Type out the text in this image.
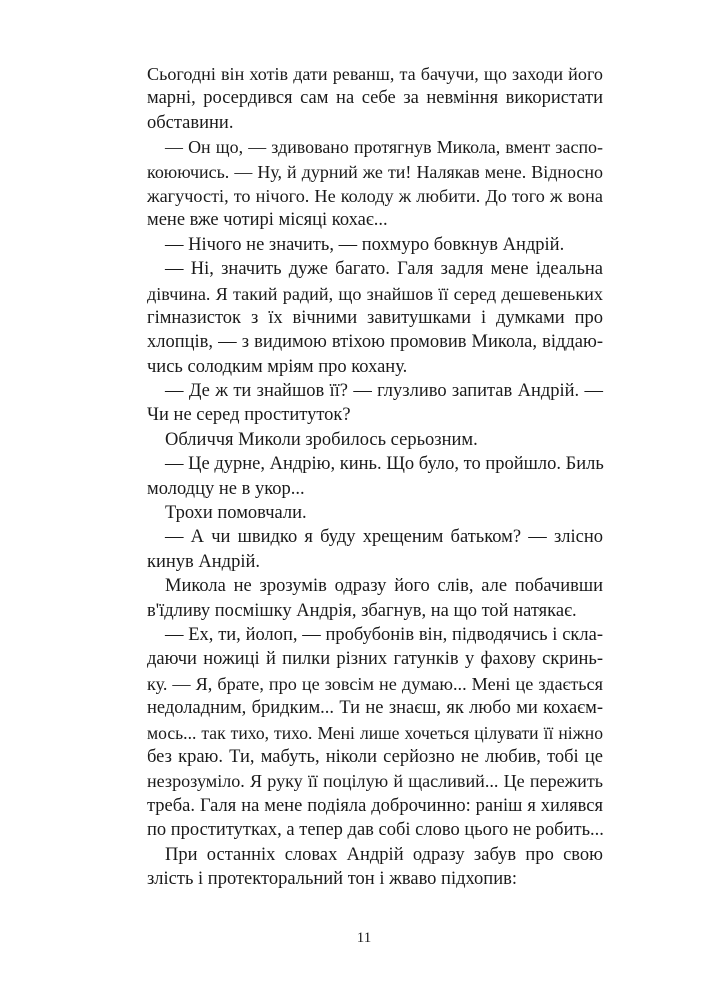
Сьогодні він хотів дати реванш, та бачучи, що заходи його
марні, росердився сам на себе за невміння використати
обставини.
— Он що, — здивовано протягнув Микола, вмент заспо-
коюючись. — Ну, й дурний же ти! Налякав мене. Відносно
жагучості, то нічого. Не колоду ж любити. До того ж вона
мене вже чотирі місяці кохає...
— Нічого не значить, — похмуро бовкнув Андрій.
— Ні, значить дуже багато. Галя задля мене ідеальна
дівчина. Я такий радий, що знайшов її серед дешевеньких
гімназисток з їх вічними завитушками і думками про
хлопців, — з видимою втіхою промовив Микола, віддаю-
чись солодким мріям про кохану.
— Де ж ти знайшов її? — глузливо запитав Андрій. —
Чи не серед проституток?
Обличчя Миколи зробилось серьозним.
— Це дурне, Андрію, кинь. Що було, то пройшло. Биль
молодцу не в укор...
Трохи помовчали.
— А чи швидко я буду хрещеним батьком? — злісно
кинув Андрій.
Микола не зрозумів одразу його слів, але побачивши
в'їдливу посмішку Андрія, збагнув, на що той натякає.
— Ех, ти, йолоп, — пробубонів він, підводячись і скла-
даючи ножиці й пилки різних гатунків у фахову скринь-
ку. — Я, брате, про це зовсім не думаю... Мені це здається
недоладним, бридким... Ти не знаєш, як любо ми кохаєм-
мось... так тихо, тихо. Мені лише хочеться цілувати її ніжно
без краю. Ти, мабуть, ніколи серйозно не любив, тобі це
незрозуміло. Я руку її поцілую й щасливий... Це пережить
треба. Галя на мене подіяла доброчинно: раніш я хилявся
по проститутках, а тепер дав собі слово цього не робить...
При останніх словах Андрій одразу забув про свою
злість і протекторальний тон і жваво підхопив:
11
